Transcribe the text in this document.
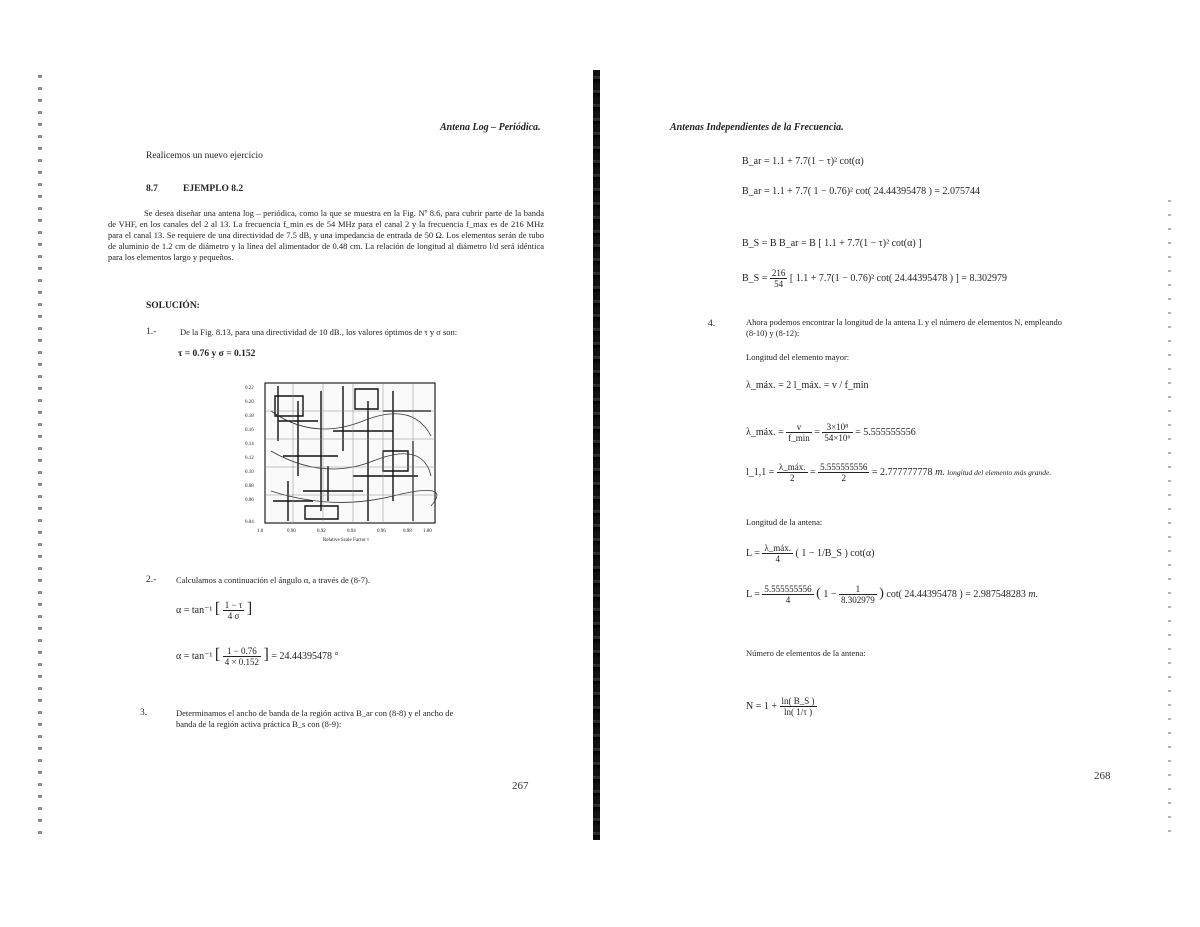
Antena Log – Periódica.
Realicemos un nuevo ejercicio
8.7	EJEMPLO 8.2
Se desea diseñar una antena log – periódica, como la que se muestra en la Fig. Nº 8.6, para cubrir parte de la banda de VHF, en los canales del 2 al 13. La frecuencia f_min es de 54 MHz para el canal 2 y la frecuencia f_max es de 216 MHz para el canal 13. Se requiere de una directividad de 7.5 dB, y una impedancia de entrada de 50 Ω. Los elementos serán de tubo de aluminio de 1.2 cm de diámetro y la línea del alimentador de 0.48 cm. La relación de longitud al diámetro l/d será idéntica para los elementos largo y pequeños.
SOLUCIÓN:
1.-	De la Fig. 8.13, para una directividad de 10 dB., los valores óptimos de τ y σ son:
τ = 0.76 y σ = 0.152
0.22
0.20
0.18
0.16
0.14
0.12
0.10
0.08
0.06
0.04
1.0	0.90	0.92	0.94	0.96	0.98 1.00
Relative Scale Factor τ
2.- Calculamos a continuación el ángulo α, a través de (8-7).
α = tan⁻¹ [ $\frac{1 - \tau}{4 \sigma}$ ]
α = tan⁻¹ [ $\frac{1 - 0.76}{4 \times 0.152}$ ] = 24.44395478 °
3.	Determinamos el ancho de banda de la región activa B_ar con (8-8) y el ancho de banda de la región activa práctica B_s con (8-9):
267
Antenas Independientes de la Frecuencia.
B_ar = 1.1 + 7.7(1 − τ)² cot(α)
B_ar = 1.1 + 7.7( 1 − 0.76)² cot( 24.44395478 ) = 2.075744
B_S = B B_ar = B [ 1.1 + 7.7(1 − τ)² cot(α) ]
B_S = $\frac{216}{54}$ [ 1.1 + 7.7(1 − 0.76)² cot( 24.44395478 ) ] = 8.302979
4.	Ahora podemos encontrar la longitud de la antena L y el número de elementos N, empleando (8-10) y (8-12):
Longitud del elemento mayor:
λ_máx. = 2 l_máx. = v / f_min
λ_máx. = $\frac{v}{f\_\min} = \frac{\text{3×10⁸}}{\text{54×10⁶}} = 5.555555556$
l_1,1 = $\frac{\text{λ\_máx.}}{2} = \frac{5.555555556}{2} = 2.777777778$ m. longitud del elemento más grande.
Longitud de la antena:
$L = \frac{\text{λ\_máx.}}{4}$ ( 1 − 1/B_S ) cot(α)
$L = \frac{5.555555556}{4}$ ( $1 - \frac{1}{8.302979}$ ) cot( 24.44395478 ) = 2.987548283 m.
Número de elementos de la antena:
$N = 1 + \frac{\ln( B\_S )}{\ln( 1/\tau )}$
268
